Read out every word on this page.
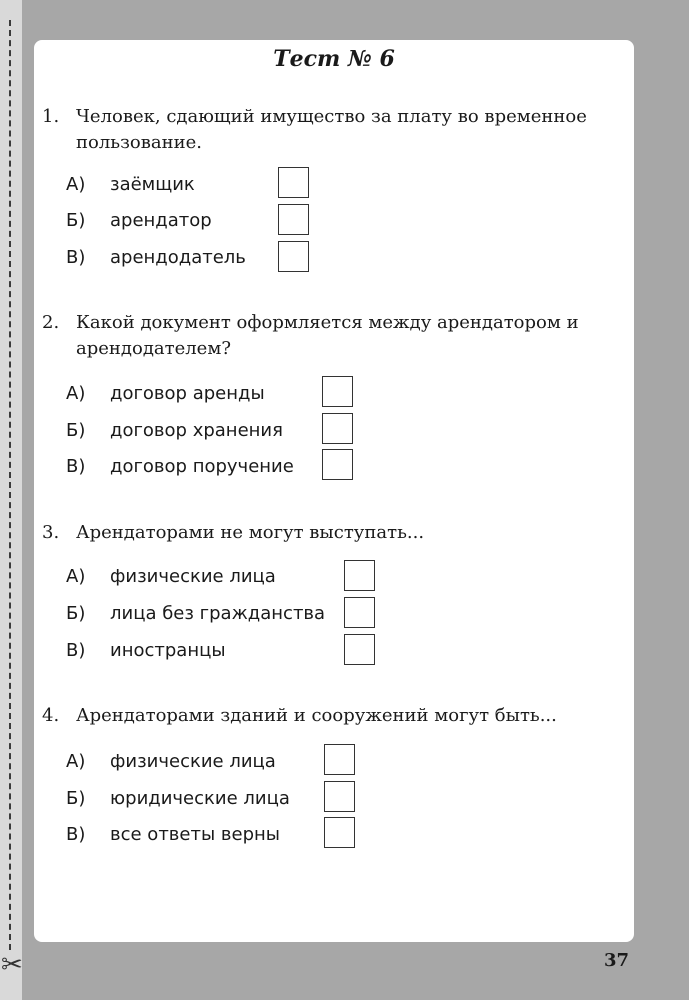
✂
Тест № 6
1. Человек, сдающий имущество за плату во временное пользование.
А)	заёмщик
Б)	арендатор
В)	арендодатель
2. Какой документ оформляется между арендатором и арендодателем?
А)	договор аренды
Б)	договор хранения
В)	договор поручение
3. Арендаторами не могут выступать...
А)	физические лица
Б)	лица без гражданства
В)	иностранцы
4. Арендаторами зданий и сооружений могут быть...
А)	физические лица
Б)	юридические лица
В)	все ответы верны
37
